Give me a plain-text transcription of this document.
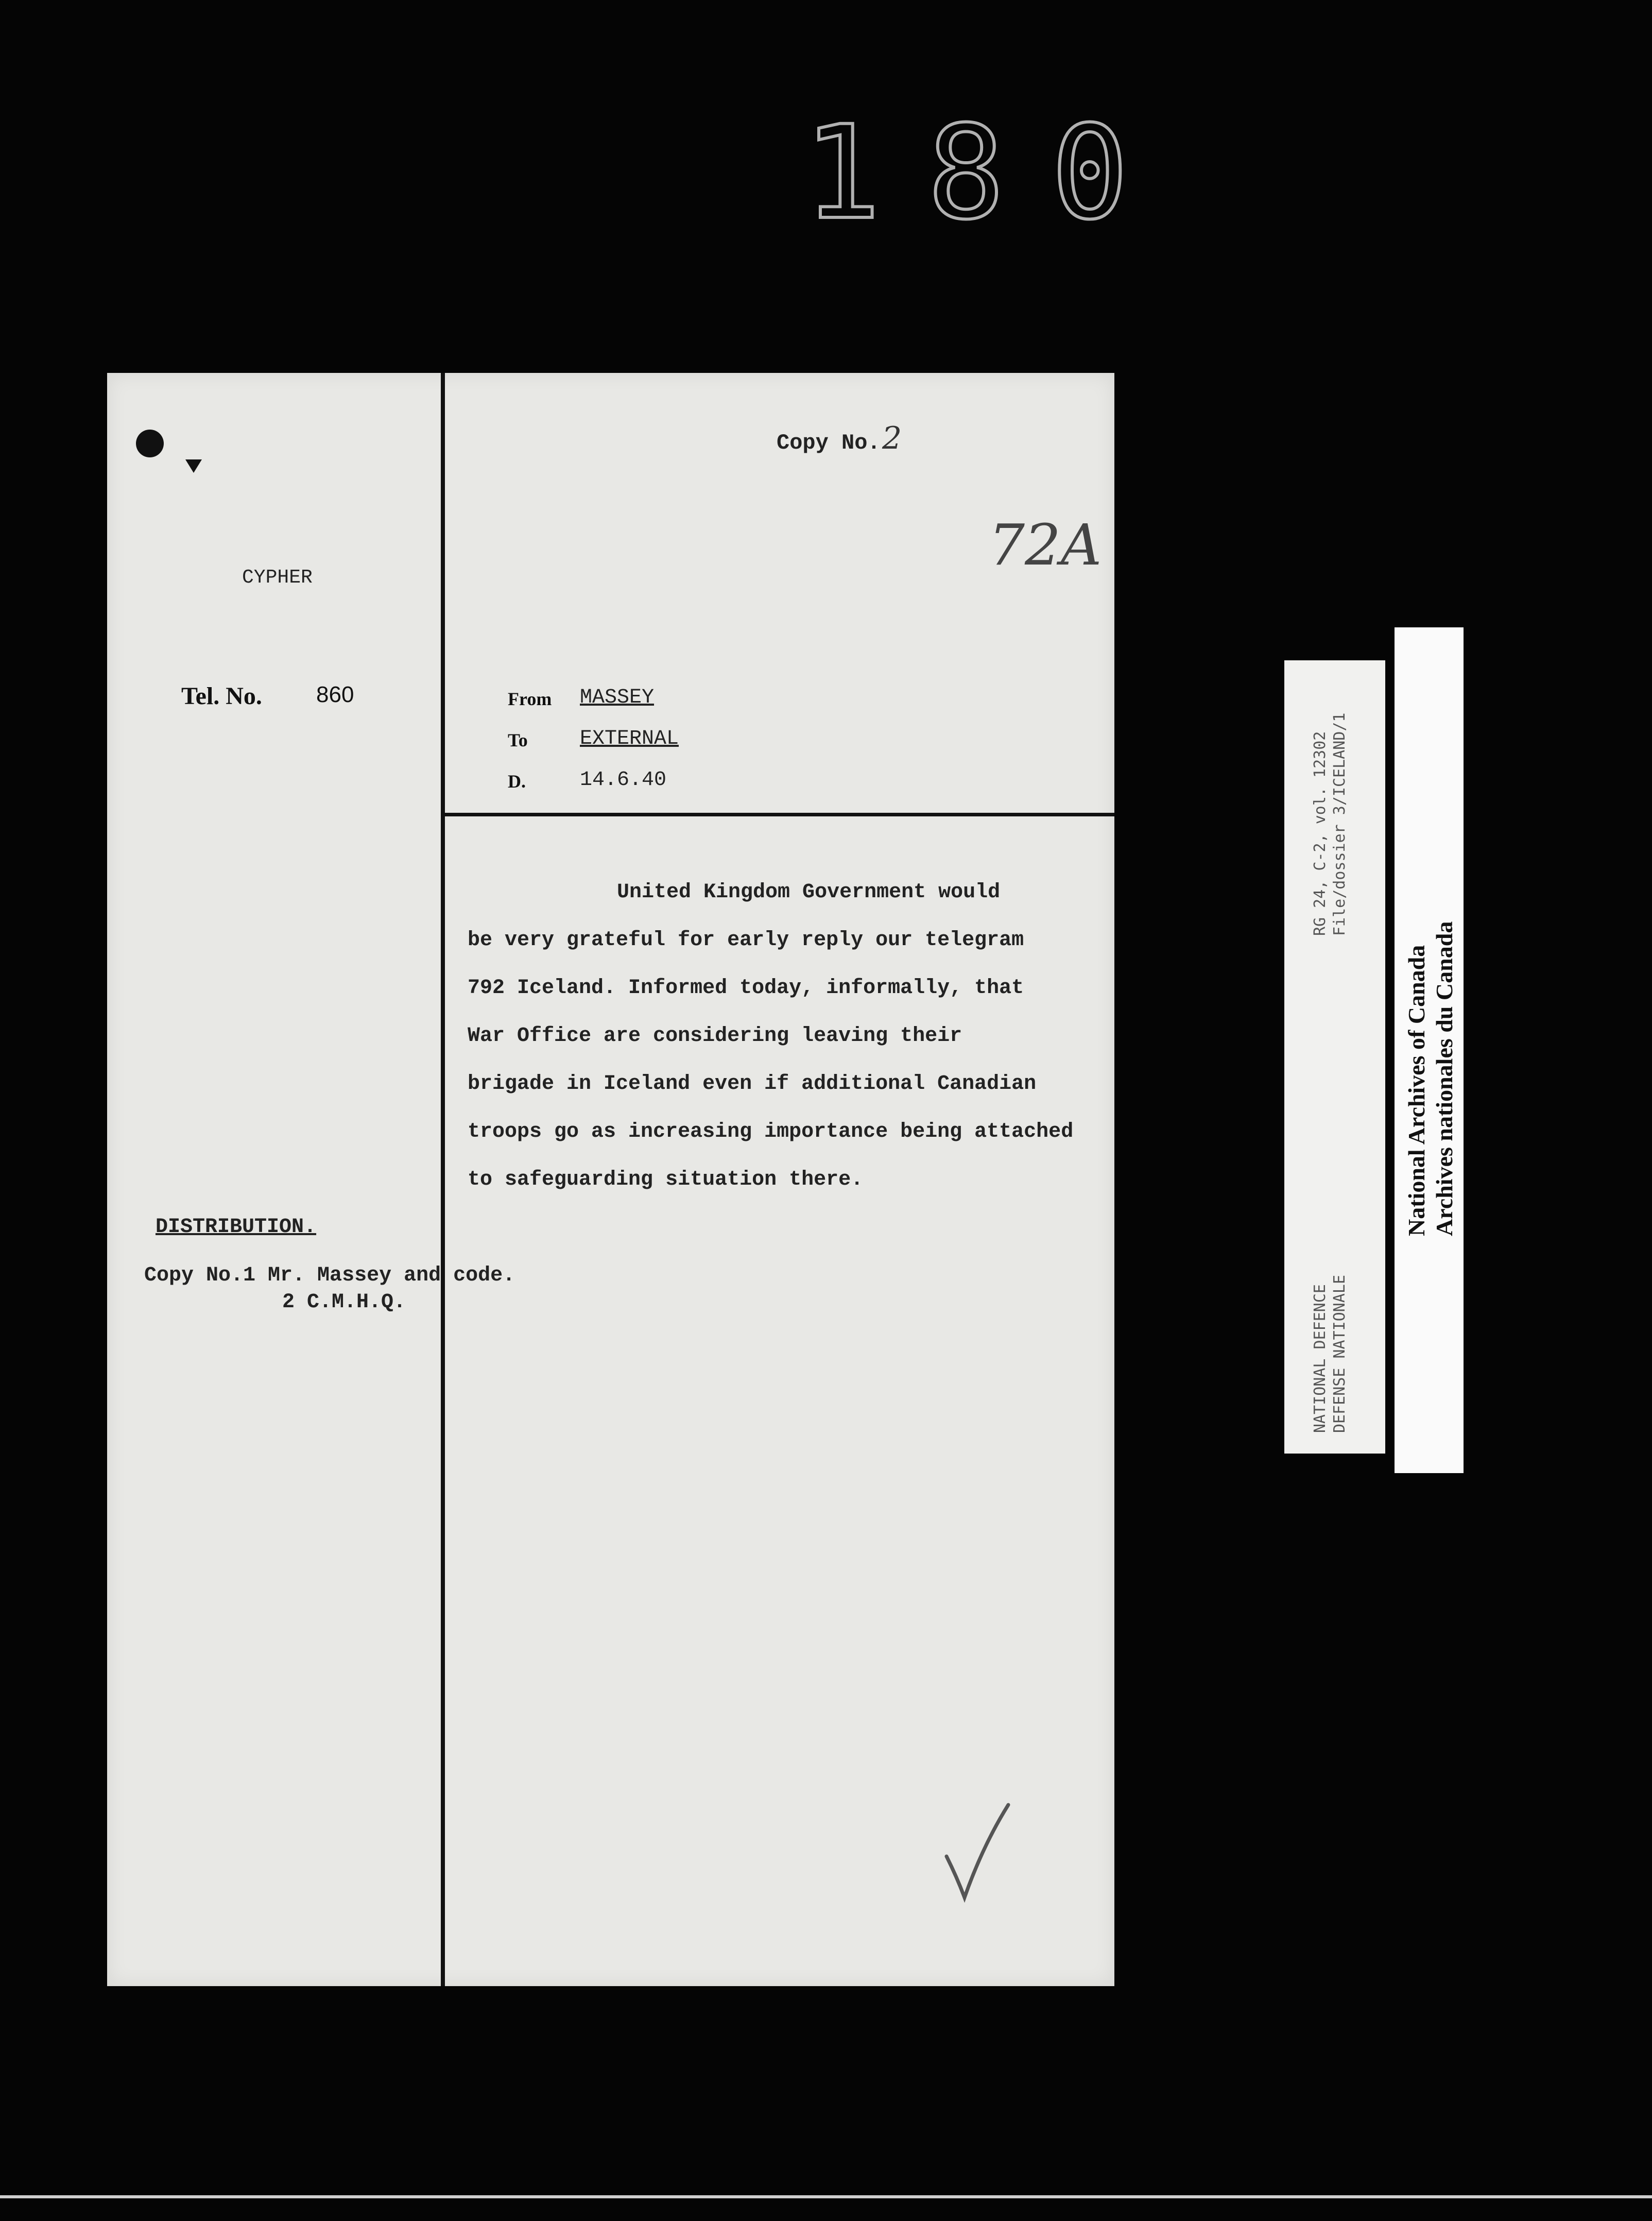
180
CYPHER
Tel. No. 860
Copy No. 2
72A
From
To
D.
MASSEY
EXTERNAL
14.6.40
United Kingdom Government would
be very grateful for early reply our telegram
792 Iceland. Informed today, informally, that
War Office are considering leaving their
brigade in Iceland even if additional Canadian
troops go as increasing importance being attached
to safeguarding situation there.
DISTRIBUTION.
Copy No.1 Mr. Massey and code.
2 C.M.H.Q.	NATIONAL DEFENCE DEFENSE NATIONALE
RG 24, C-2, vol. 12302 File/dossier 3/ICELAND/1
National Archives of Canada Archives nationales du Canada
